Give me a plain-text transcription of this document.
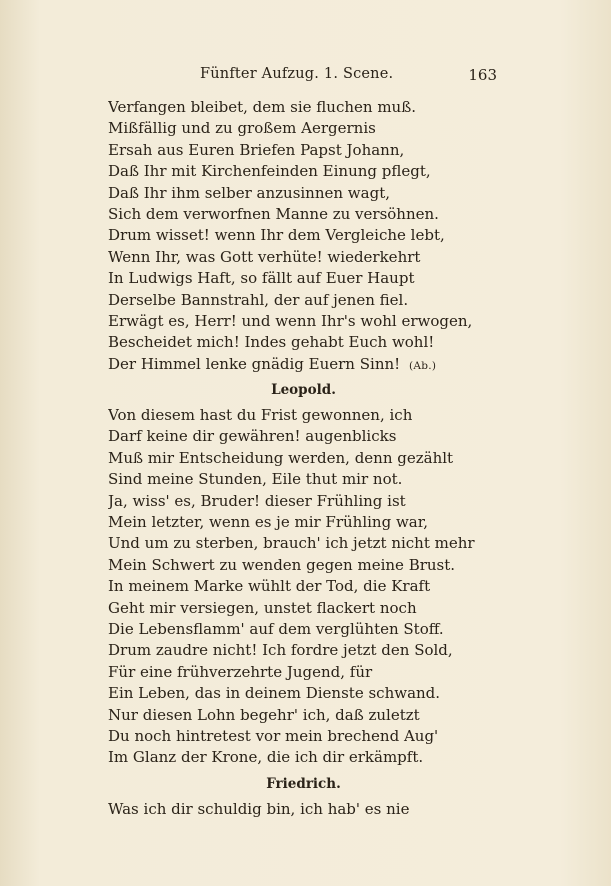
Fünfter Aufzug. 1. Scene.	163
Verfangen bleibet, dem sie fluchen muß.
Mißfällig und zu großem Aergernis
Ersah aus Euren Briefen Papst Johann,
Daß Ihr mit Kirchenfeinden Einung pflegt,
Daß Ihr ihm selber anzusinnen wagt,
Sich dem verworfnen Manne zu versöhnen.
Drum wisset! wenn Ihr dem Vergleiche lebt,
Wenn Ihr, was Gott verhüte! wiederkehrt
In Ludwigs Haft, so fällt auf Euer Haupt
Derselbe Bannstrahl, der auf jenen fiel.
Erwägt es, Herr! und wenn Ihr's wohl erwogen,
Bescheidet mich! Indes gehabt Euch wohl!
Der Himmel lenke gnädig Euern Sinn! (Ab.)
Leopold.
Von diesem hast du Frist gewonnen, ich
Darf keine dir gewähren! augenblicks
Muß mir Entscheidung werden, denn gezählt
Sind meine Stunden, Eile thut mir not.
Ja, wiss' es, Bruder! dieser Frühling ist
Mein letzter, wenn es je mir Frühling war,
Und um zu sterben, brauch' ich jetzt nicht mehr
Mein Schwert zu wenden gegen meine Brust.
In meinem Marke wühlt der Tod, die Kraft
Geht mir versiegen, unstet flackert noch
Die Lebensflamm' auf dem verglühten Stoff.
Drum zaudre nicht! Ich fordre jetzt den Sold,
Für eine frühverzehrte Jugend, für
Ein Leben, das in deinem Dienste schwand.
Nur diesen Lohn begehr' ich, daß zuletzt
Du noch hintretest vor mein brechend Aug'
Im Glanz der Krone, die ich dir erkämpft.
Friedrich.
Was ich dir schuldig bin, ich hab' es nie
